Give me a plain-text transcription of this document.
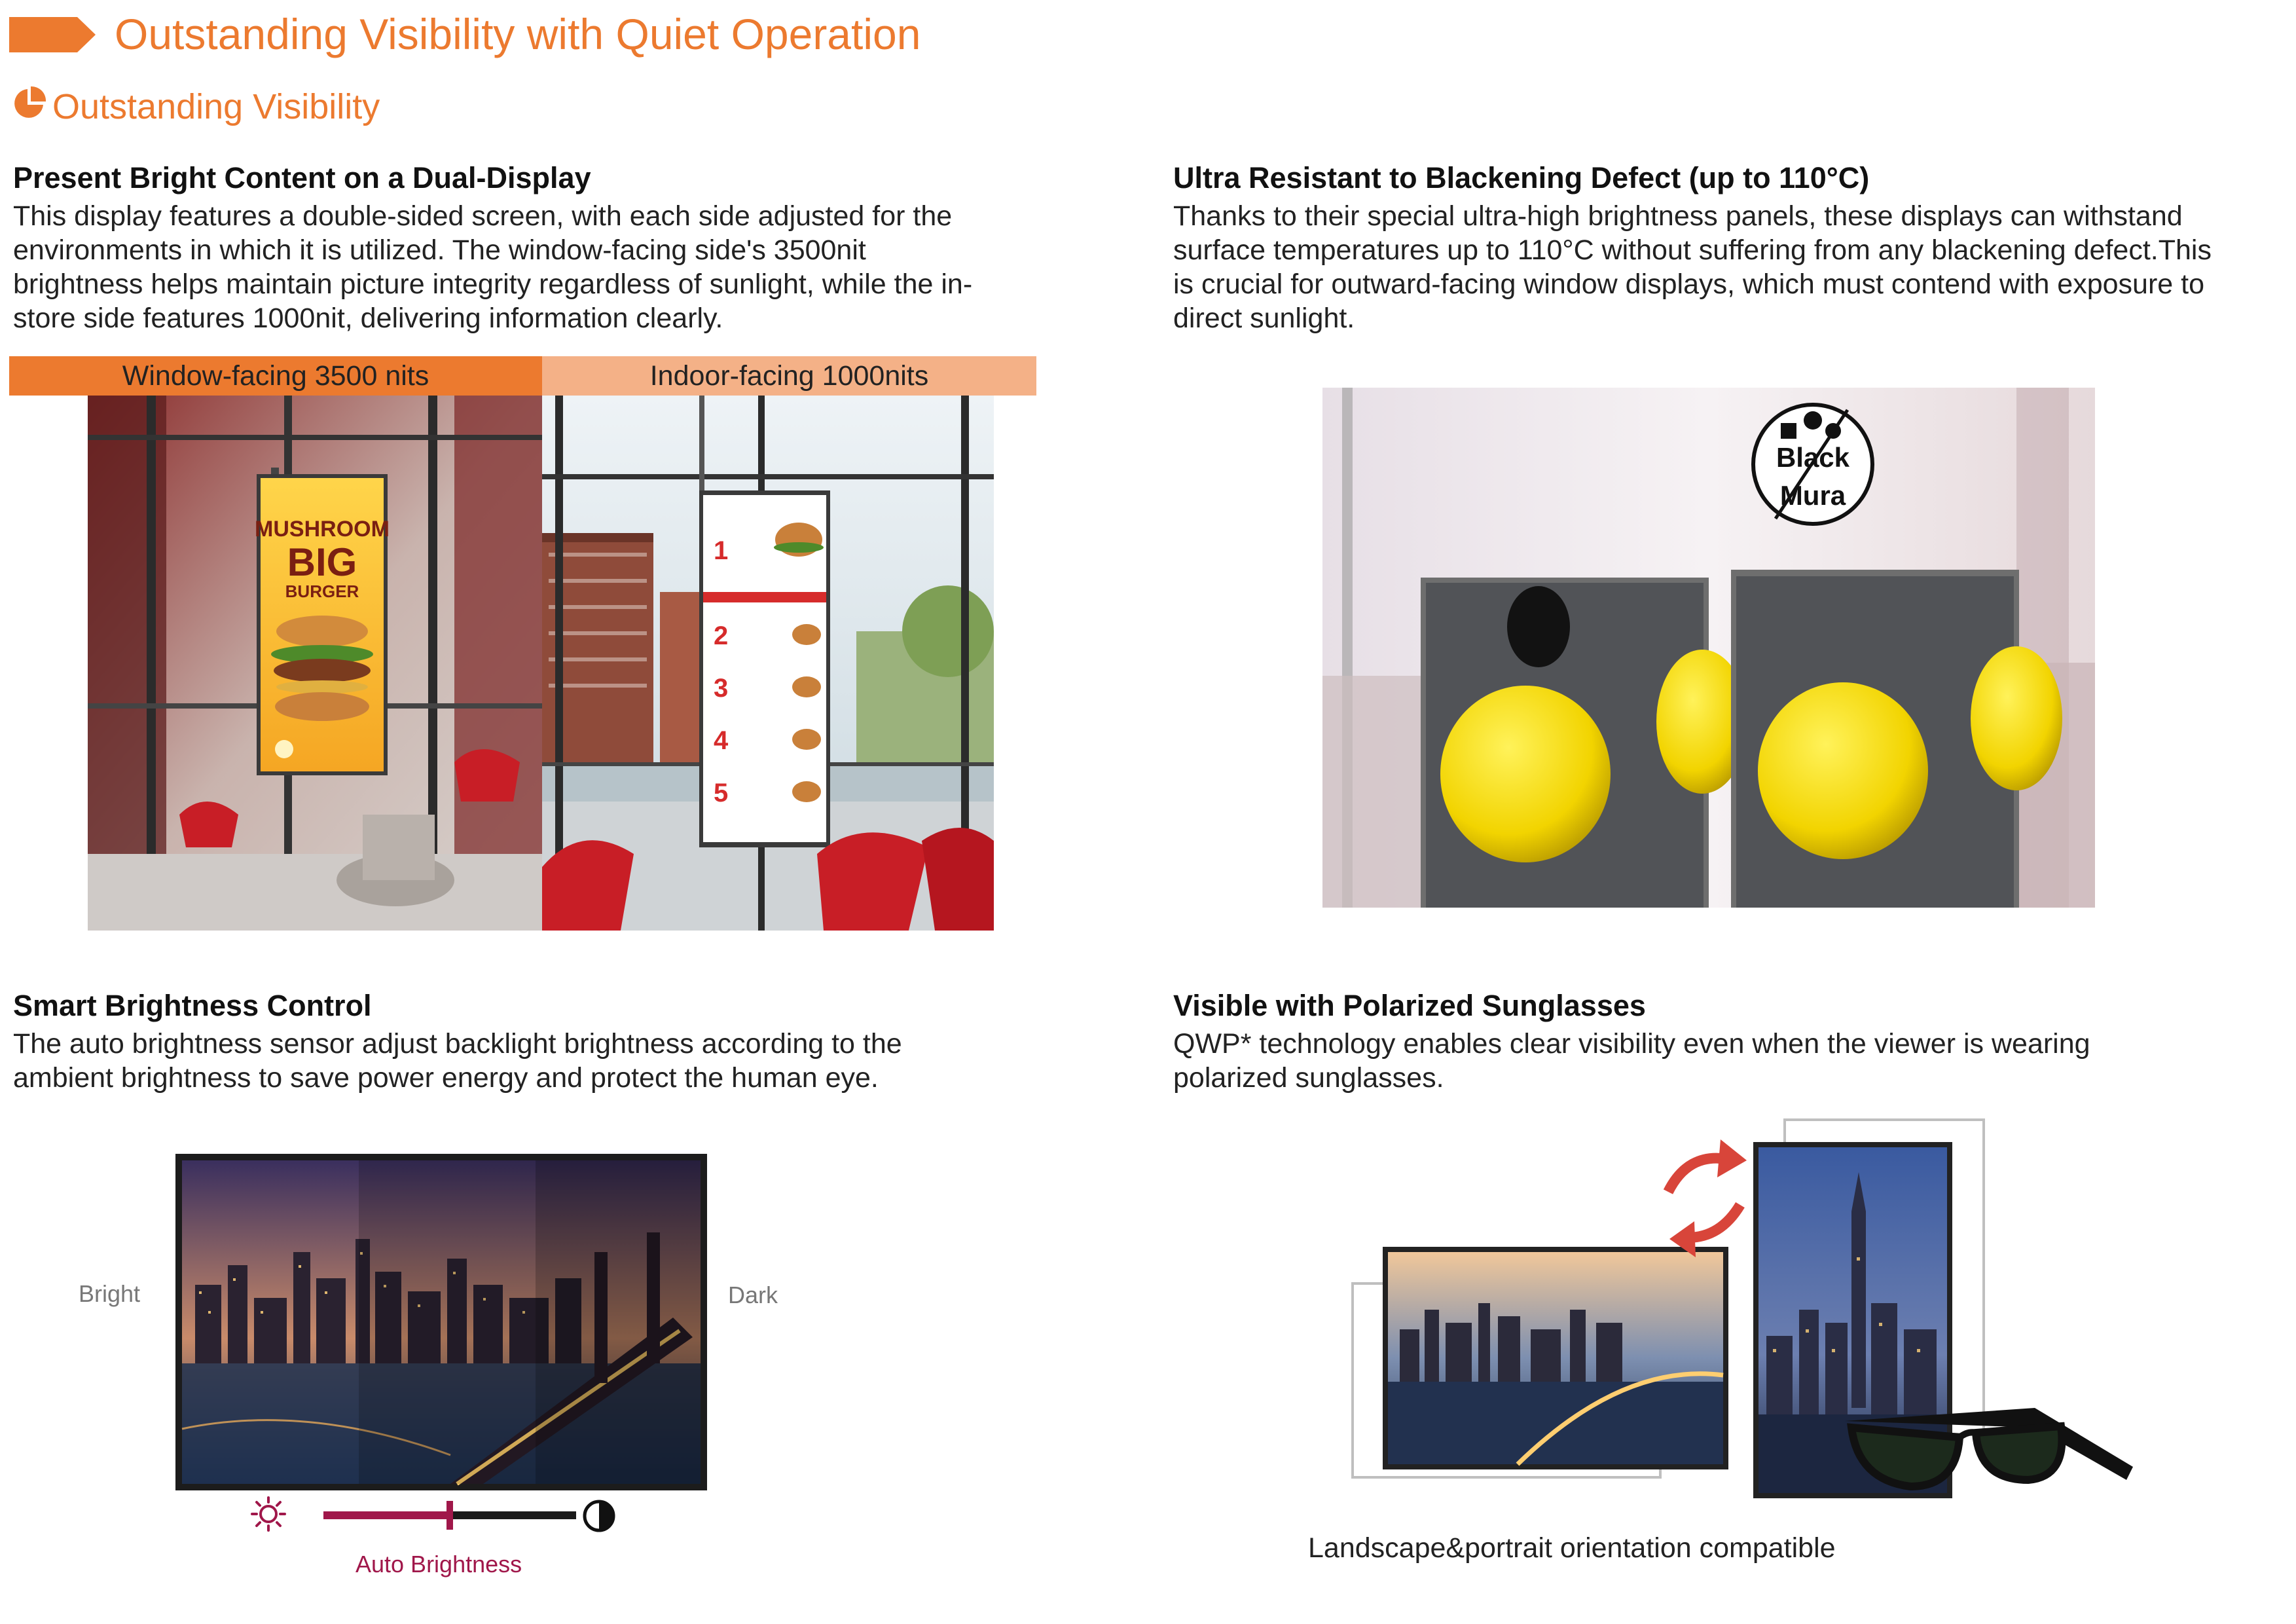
Outstanding Visibility with Quiet Operation
Outstanding Visibility
Present Bright Content on a Dual-Display
This display features a double-sided screen, with each side adjusted for the
environments in which it is utilized. The window-facing side's 3500nit
brightness helps maintain picture integrity regardless of sunlight, while the in-
store side features 1000nit, delivering information clearly.
Window-facing 3500 nits	Indoor-facing 1000nits
MUSHROOM
BIG
BURGER
1
2
3
4
5
Ultra Resistant to Blackening Defect (up to 110°C)
Thanks to their special ultra-high brightness panels, these displays can withstand
surface temperatures up to 110°C without suffering from any blackening defect.This
is crucial for outward-facing window displays, which must contend with exposure to
direct sunlight.
Black
Mura
Smart Brightness Control
The auto brightness sensor adjust backlight brightness according to the
ambient brightness to save power energy and protect the human eye.
Bright	Dark
Auto Brightness
Visible with Polarized Sunglasses
QWP* technology enables clear visibility even when the viewer is wearing
polarized sunglasses.
Landscape&portrait orientation compatible
